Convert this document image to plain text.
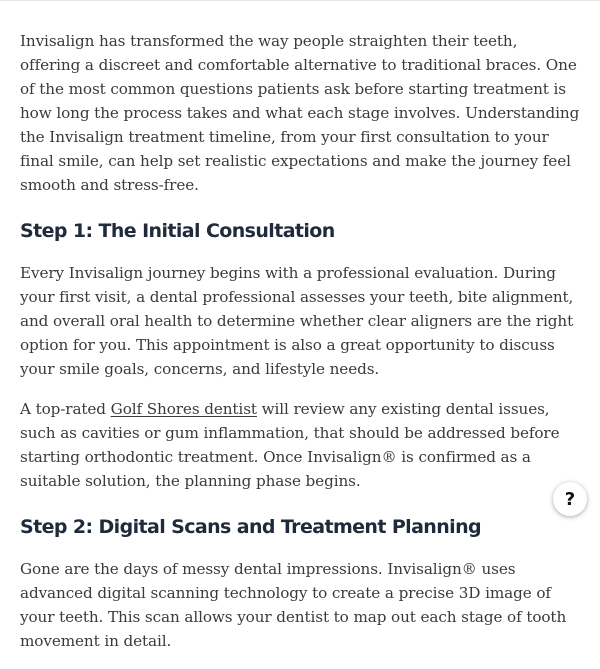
Invisalign has transformed the way people straighten their teeth, offering a discreet and comfortable alternative to traditional braces. One of the most common questions patients ask before starting treatment is how long the process takes and what each stage involves. Understanding the Invisalign treatment timeline, from your first consultation to your final smile, can help set realistic expectations and make the journey feel smooth and stress-free.

Step 1: The Initial Consultation

Every Invisalign journey begins with a professional evaluation. During your first visit, a dental professional assesses your teeth, bite alignment, and overall oral health to determine whether clear aligners are the right option for you. This appointment is also a great opportunity to discuss your smile goals, concerns, and lifestyle needs.

A top-rated Golf Shores dentist will review any existing dental issues, such as cavities or gum inflammation, that should be addressed before starting orthodontic treatment. Once Invisalign® is confirmed as a suitable solution, the planning phase begins.

Step 2: Digital Scans and Treatment Planning

Gone are the days of messy dental impressions. Invisalign® uses advanced digital scanning technology to create a precise 3D image of your teeth. This scan allows your dentist to map out each stage of tooth movement in detail.

?
